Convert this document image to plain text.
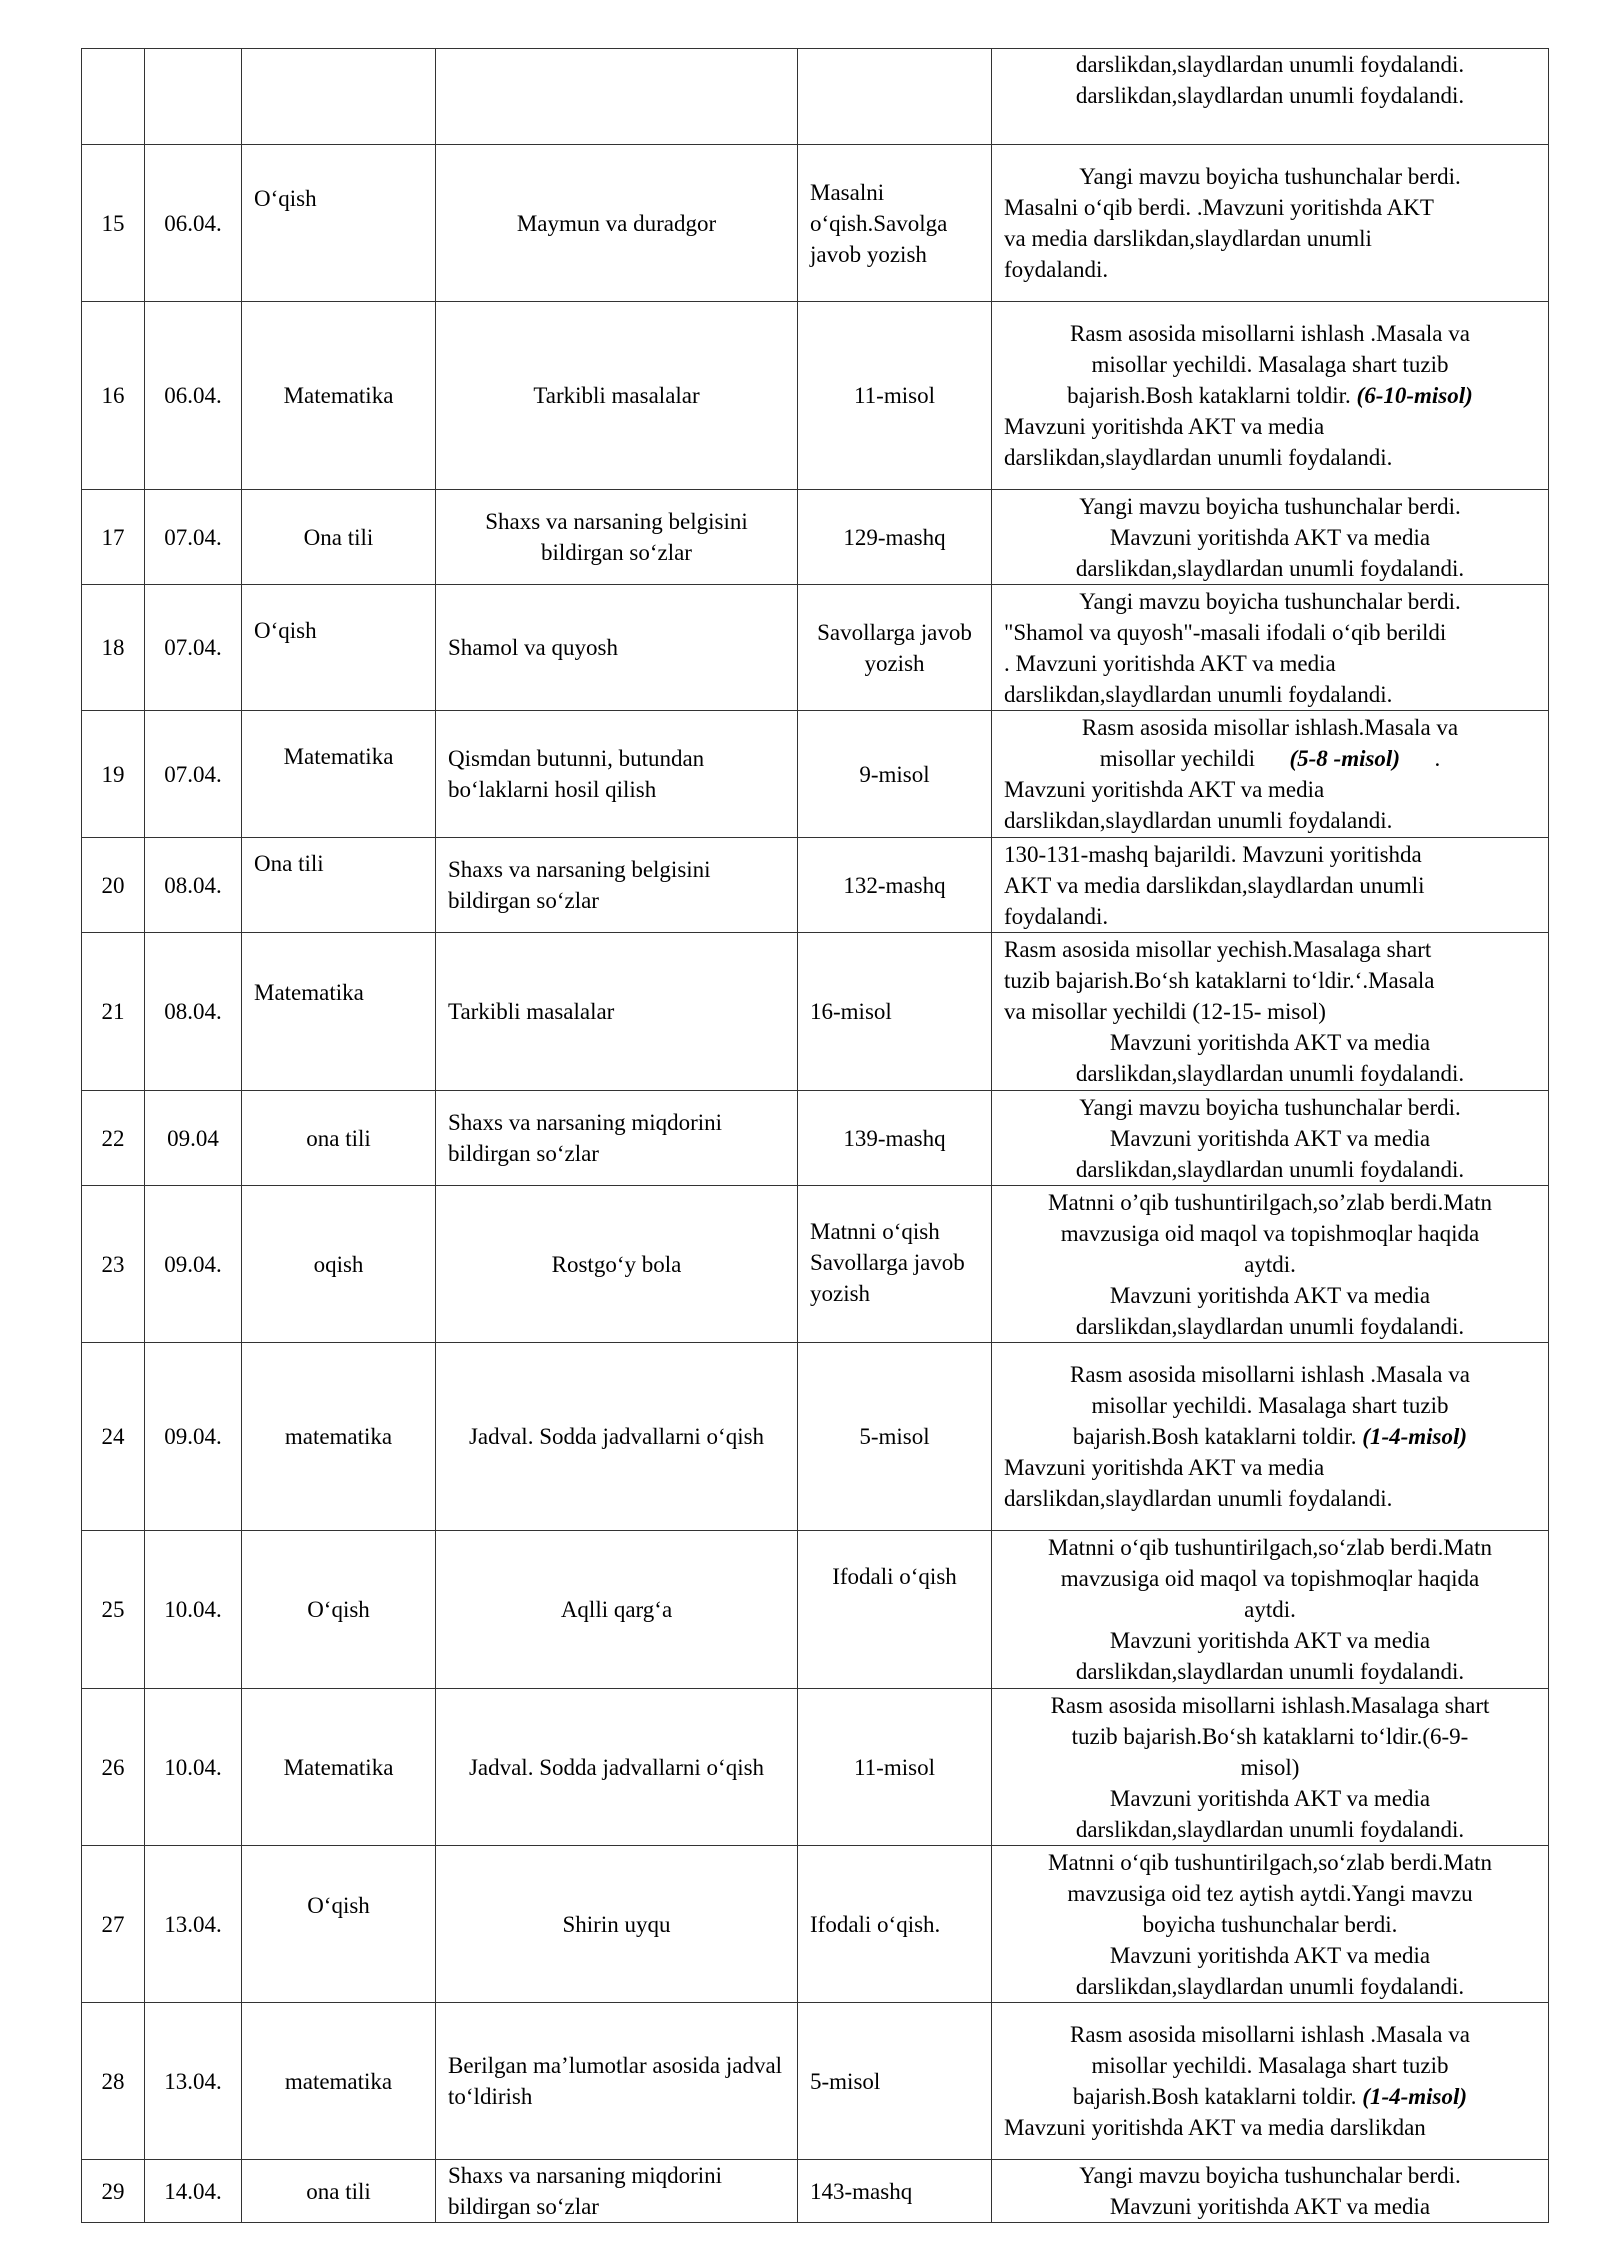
					darslikdan,slaydlardan unumli foydalandi.
darslikdan,slaydlardan unumli foydalandi.

15	06.04.	O‘qish	Maymun va duradgor	Masalni o‘qish.Savolga javob yozish	Yangi mavzu boyicha tushunchalar berdi.
Masalni o‘qib berdi. .Mavzuni yoritishda AKT
va media darslikdan,slaydlardan unumli
foydalandi.

16	06.04.	Matematika	Tarkibli masalalar	11-misol	Rasm asosida misollarni ishlash .Masala va
misollar yechildi. Masalaga shart tuzib
bajarish.Bosh kataklarni toldir. (6-10-misol)
Mavzuni yoritishda AKT va media
darslikdan,slaydlardan unumli foydalandi.

17	07.04.	Ona tili	Shaxs va narsaning belgisini bildirgan so‘zlar	129-mashq	Yangi mavzu boyicha tushunchalar berdi.
Mavzuni yoritishda AKT va media
darslikdan,slaydlardan unumli foydalandi.

18	07.04.	O‘qish	Shamol va quyosh	Savollarga javob yozish	Yangi mavzu boyicha tushunchalar berdi.
"Shamol va quyosh"-masali ifodali o‘qib berildi
. Mavzuni yoritishda AKT va media
darslikdan,slaydlardan unumli foydalandi.

19	07.04.	Matematika	Qismdan butunni, butundan bo‘laklarni hosil qilish	9-misol	Rasm asosida misollar ishlash.Masala va
misollar yechildi (5-8 -misol) .
Mavzuni yoritishda AKT va media
darslikdan,slaydlardan unumli foydalandi.

20	08.04.	Ona tili	Shaxs va narsaning belgisini bildirgan so‘zlar	132-mashq	130-131-mashq bajarildi. Mavzuni yoritishda
AKT va media darslikdan,slaydlardan unumli
foydalandi.

21	08.04.	Matematika	Tarkibli masalalar	16-misol	Rasm asosida misollar yechish.Masalaga shart
tuzib bajarish.Bo‘sh kataklarni to‘ldir.‘.Masala
va misollar yechildi (12-15- misol)
Mavzuni yoritishda AKT va media
darslikdan,slaydlardan unumli foydalandi.

22	09.04	ona tili	Shaxs va narsaning miqdorini bildirgan so‘zlar	139-mashq	Yangi mavzu boyicha tushunchalar berdi.
Mavzuni yoritishda AKT va media
darslikdan,slaydlardan unumli foydalandi.

23	09.04.	oqish	Rostgo‘y bola	Matnni o‘qish Savollarga javob yozish	Matnni o’qib tushuntirilgach,so’zlab berdi.Matn
mavzusiga oid maqol va topishmoqlar haqida
aytdi.
Mavzuni yoritishda AKT va media
darslikdan,slaydlardan unumli foydalandi.

24	09.04.	matematika	Jadval. Sodda jadvallarni o‘qish	5-misol	Rasm asosida misollarni ishlash .Masala va
misollar yechildi. Masalaga shart tuzib
bajarish.Bosh kataklarni toldir. (1-4-misol)
Mavzuni yoritishda AKT va media
darslikdan,slaydlardan unumli foydalandi.

25	10.04.	O‘qish	Aqlli qarg‘a	Ifodali o‘qish	Matnni o‘qib tushuntirilgach,so‘zlab berdi.Matn
mavzusiga oid maqol va topishmoqlar haqida
aytdi.
Mavzuni yoritishda AKT va media
darslikdan,slaydlardan unumli foydalandi.

26	10.04.	Matematika	Jadval. Sodda jadvallarni o‘qish	11-misol	Rasm asosida misollarni ishlash.Masalaga shart
tuzib bajarish.Bo‘sh kataklarni to‘ldir.(6-9-
misol)
Mavzuni yoritishda AKT va media
darslikdan,slaydlardan unumli foydalandi.

27	13.04.	O‘qish	Shirin uyqu	Ifodali o‘qish.	Matnni o‘qib tushuntirilgach,so‘zlab berdi.Matn
mavzusiga oid tez aytish aytdi.Yangi mavzu
boyicha tushunchalar berdi.
Mavzuni yoritishda AKT va media
darslikdan,slaydlardan unumli foydalandi.

28	13.04.	matematika	Berilgan ma’lumotlar asosida jadval to‘ldirish	5-misol	Rasm asosida misollarni ishlash .Masala va
misollar yechildi. Masalaga shart tuzib
bajarish.Bosh kataklarni toldir. (1-4-misol)
Mavzuni yoritishda AKT va media darslikdan

29	14.04.	ona tili	Shaxs va narsaning miqdorini bildirgan so‘zlar	143-mashq	Yangi mavzu boyicha tushunchalar berdi.
Mavzuni yoritishda AKT va media
